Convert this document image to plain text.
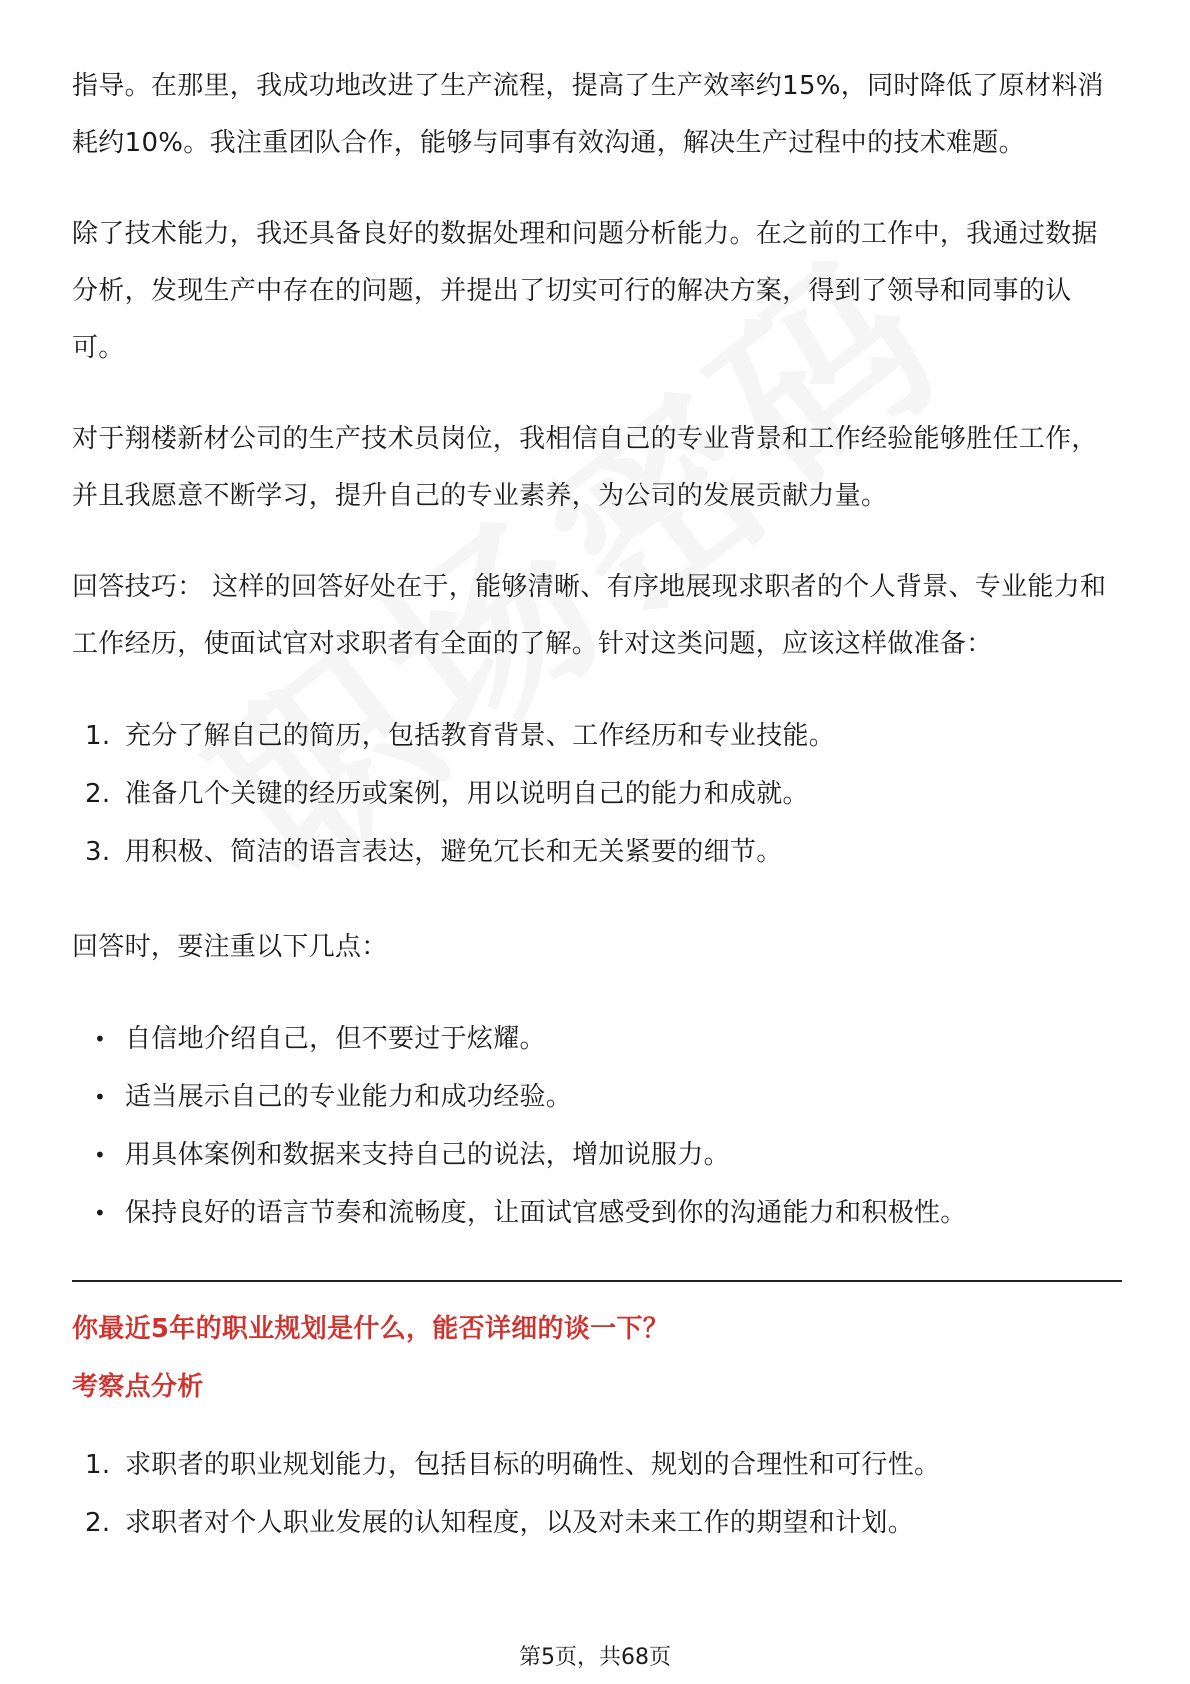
指导。在那里，我成功地改进了生产流程，提高了生产效率约15%，同时降低了原材料消耗约10%。我注重团队合作，能够与同事有效沟通，解决生产过程中的技术难题。

除了技术能力，我还具备良好的数据处理和问题分析能力。在之前的工作中，我通过数据分析，发现生产中存在的问题，并提出了切实可行的解决方案，得到了领导和同事的认可。

对于翔楼新材公司的生产技术员岗位，我相信自己的专业背景和工作经验能够胜任工作，并且我愿意不断学习，提升自己的专业素养，为公司的发展贡献力量。

回答技巧： 这样的回答好处在于，能够清晰、有序地展现求职者的个人背景、专业能力和工作经历，使面试官对求职者有全面的了解。针对这类问题，应该这样做准备：

1. 充分了解自己的简历，包括教育背景、工作经历和专业技能。
2. 准备几个关键的经历或案例，用以说明自己的能力和成就。
3. 用积极、简洁的语言表达，避免冗长和无关紧要的细节。

回答时，要注重以下几点：

• 自信地介绍自己，但不要过于炫耀。
• 适当展示自己的专业能力和成功经验。
• 用具体案例和数据来支持自己的说法，增加说服力。
• 保持良好的语言节奏和流畅度，让面试官感受到你的沟通能力和积极性。

你最近5年的职业规划是什么，能否详细的谈一下？

考察点分析

1. 求职者的职业规划能力，包括目标的明确性、规划的合理性和可行性。
2. 求职者对个人职业发展的认知程度，以及对未来工作的期望和计划。
第5页，共68页
